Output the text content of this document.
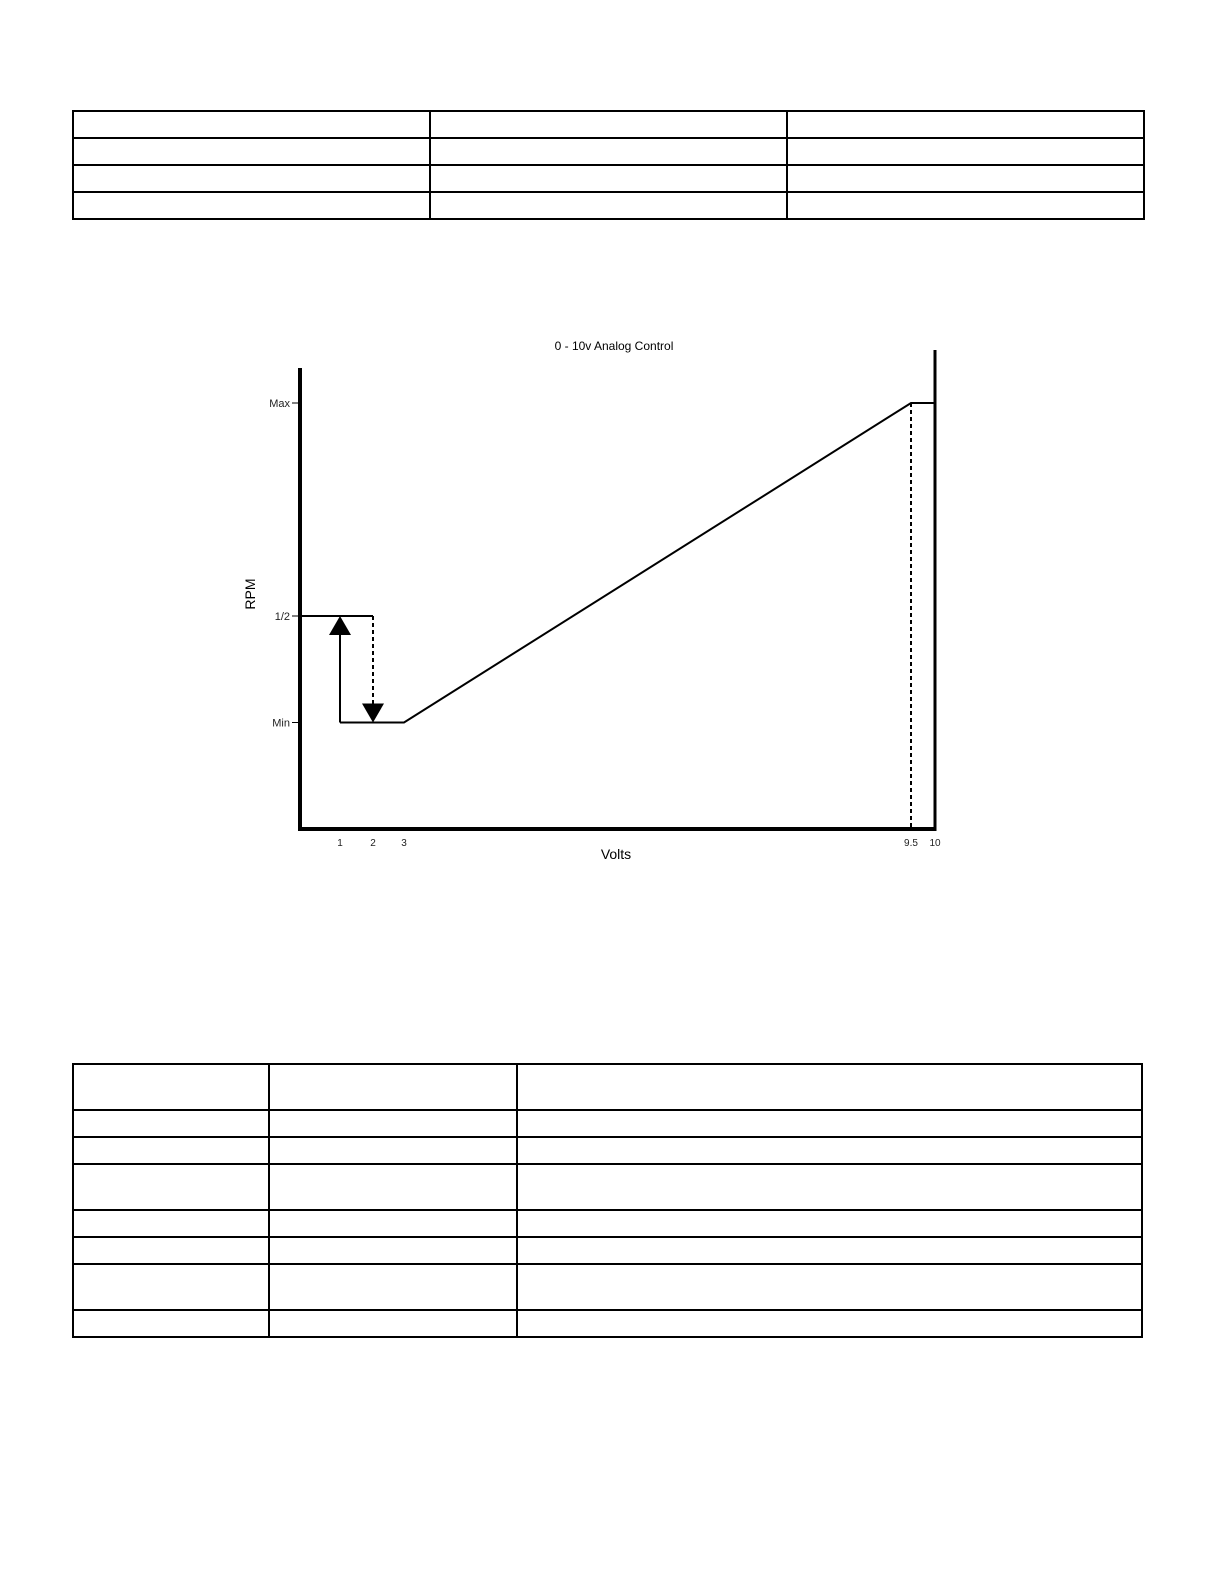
0 - 10v Analog Control
Volts
RPM
Min
1/2
Max
1	2	3	9.5 10
